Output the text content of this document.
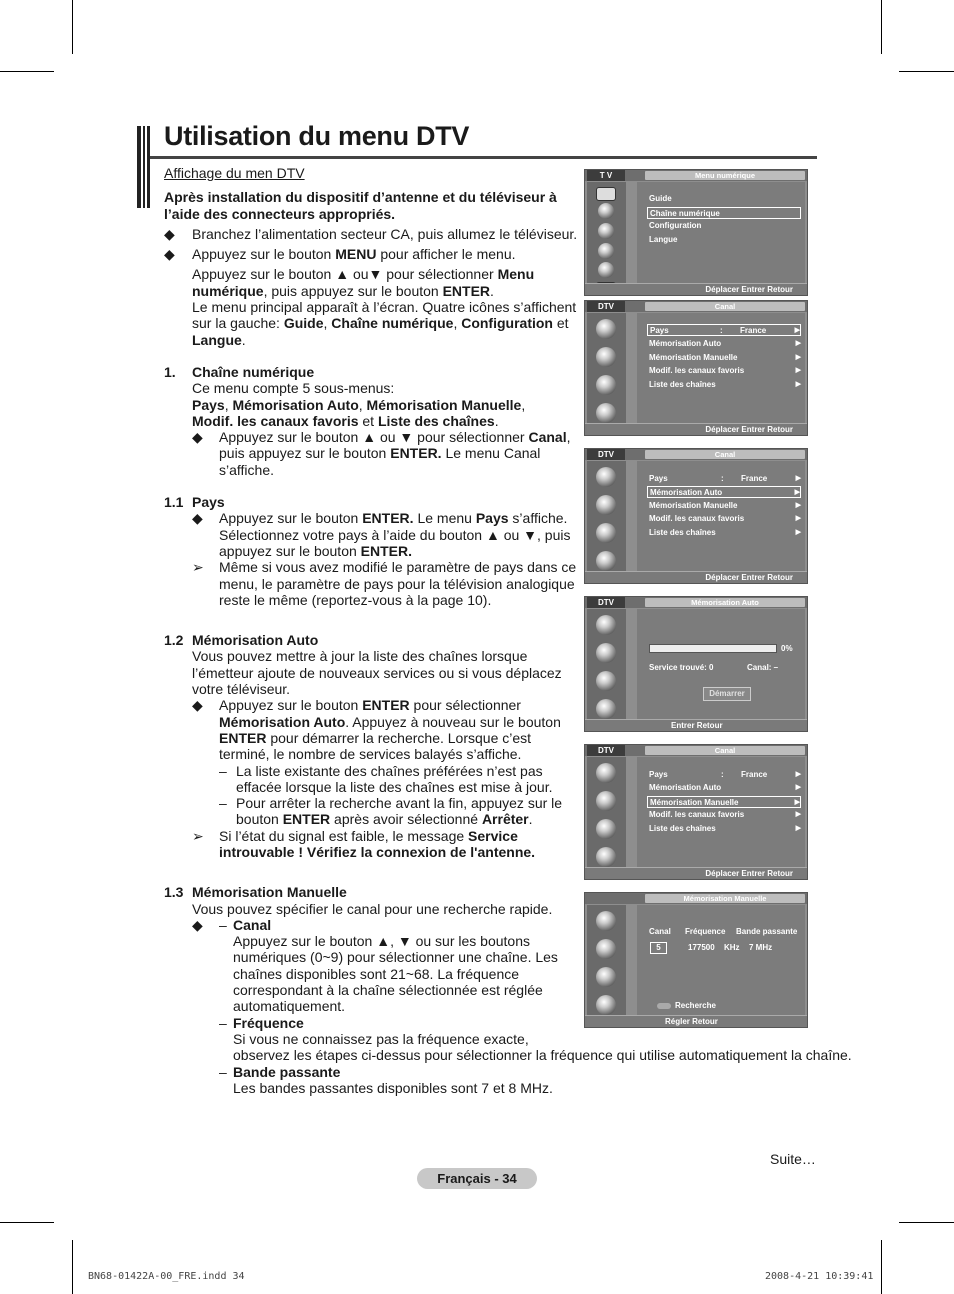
Utilisation du menu DTV

Affichage du men DTV

Après installation du dispositif d’antenne et du téléviseur à l’aide des connecteurs appropriés.

◆ Branchez l’alimentation secteur CA, puis allumez le téléviseur.

◆ Appuyez sur le bouton MENU pour afficher le menu.

Appuyez sur le bouton ▲ ou▼ pour sélectionner Menu numérique, puis appuyez sur le bouton ENTER.

Le menu principal apparaît à l’écran. Quatre icônes s’affichent sur la gauche: Guide, Chaîne numérique, Configuration et Langue.

1. Chaîne numérique

Ce menu compte 5 sous-menus:

Pays, Mémorisation Auto, Mémorisation Manuelle,

Modif. les canaux favoris et Liste des chaînes.

◆ Appuyez sur le bouton ▲ ou ▼ pour sélectionner Canal, puis appuyez sur le bouton ENTER. Le menu Canal s’affiche.

1.1 Pays

◆ Appuyez sur le bouton ENTER. Le menu Pays s’affiche. Sélectionnez votre pays à l’aide du bouton ▲ ou ▼, puis appuyez sur le bouton ENTER.

➢ Même si vous avez modifié le paramètre de pays dans ce menu, le paramètre de pays pour la télévision analogique reste le même (reportez-vous à la page 10).

1.2 Mémorisation Auto

Vous pouvez mettre à jour la liste des chaînes lorsque l’émetteur ajoute de nouveaux services ou si vous déplacez votre téléviseur.

◆ Appuyez sur le bouton ENTER pour sélectionner Mémorisation Auto. Appuyez à nouveau sur le bouton ENTER pour démarrer la recherche. Lorsque c’est terminé, le nombre de services balayés s’affiche.

– La liste existante des chaînes préférées n’est pas effacée lorsque la liste des chaînes est mise à jour.

– Pour arrêter la recherche avant la fin, appuyez sur le bouton ENTER après avoir sélectionné Arrêter.

➢ Si l’état du signal est faible, le message Service introuvable ! Vérifiez la connexion de l'antenne.

1.3 Mémorisation Manuelle

Vous pouvez spécifier le canal pour une recherche rapide.

◆ – Canal

Appuyez sur le bouton ▲, ▼ ou sur les boutons numériques (0~9) pour sélectionner une chaîne. Les chaînes disponibles sont 21~68. La fréquence correspondant à la chaîne sélectionnée est réglée automatiquement.

– Fréquence

Si vous ne connaissez pas la fréquence exacte,

observez les étapes ci-dessus pour sélectionner la fréquence qui utilise automatiquement la chaîne.

– Bande passante

Les bandes passantes disponibles sont 7 et 8 MHz.

T V	Menu numérique
Guide
Chaîne numérique
Configuration
Langue
Déplacer Entrer Retour
DTV	Canal
Pays	: France	▶
Mémorisation Auto	▶
Mémorisation Manuelle	▶
Modif. les canaux favoris	▶
Liste des chaînes	▶
Déplacer Entrer Retour
DTV	Canal
Pays	: France	▶
Mémorisation Auto	▶
Mémorisation Manuelle	▶
Modif. les canaux favoris	▶
Liste des chaînes	▶
Déplacer Entrer Retour
DTV	Mémorisation Auto
0%
Service trouvé: 0	Canal: –
Démarrer
Entrer Retour
DTV	Canal
Pays	: France	▶
Mémorisation Auto	▶
Mémorisation Manuelle	▶
Modif. les canaux favoris	▶
Liste des chaînes	▶
Déplacer Entrer Retour
Mémorisation Manuelle
Canal Fréquence Bande passante
5	177500 KHz 7 MHz
Recherche
Régler Retour
Suite…
Français - 34
BN68-01422A-00_FRE.indd 34	2008-4-21 10:39:41
